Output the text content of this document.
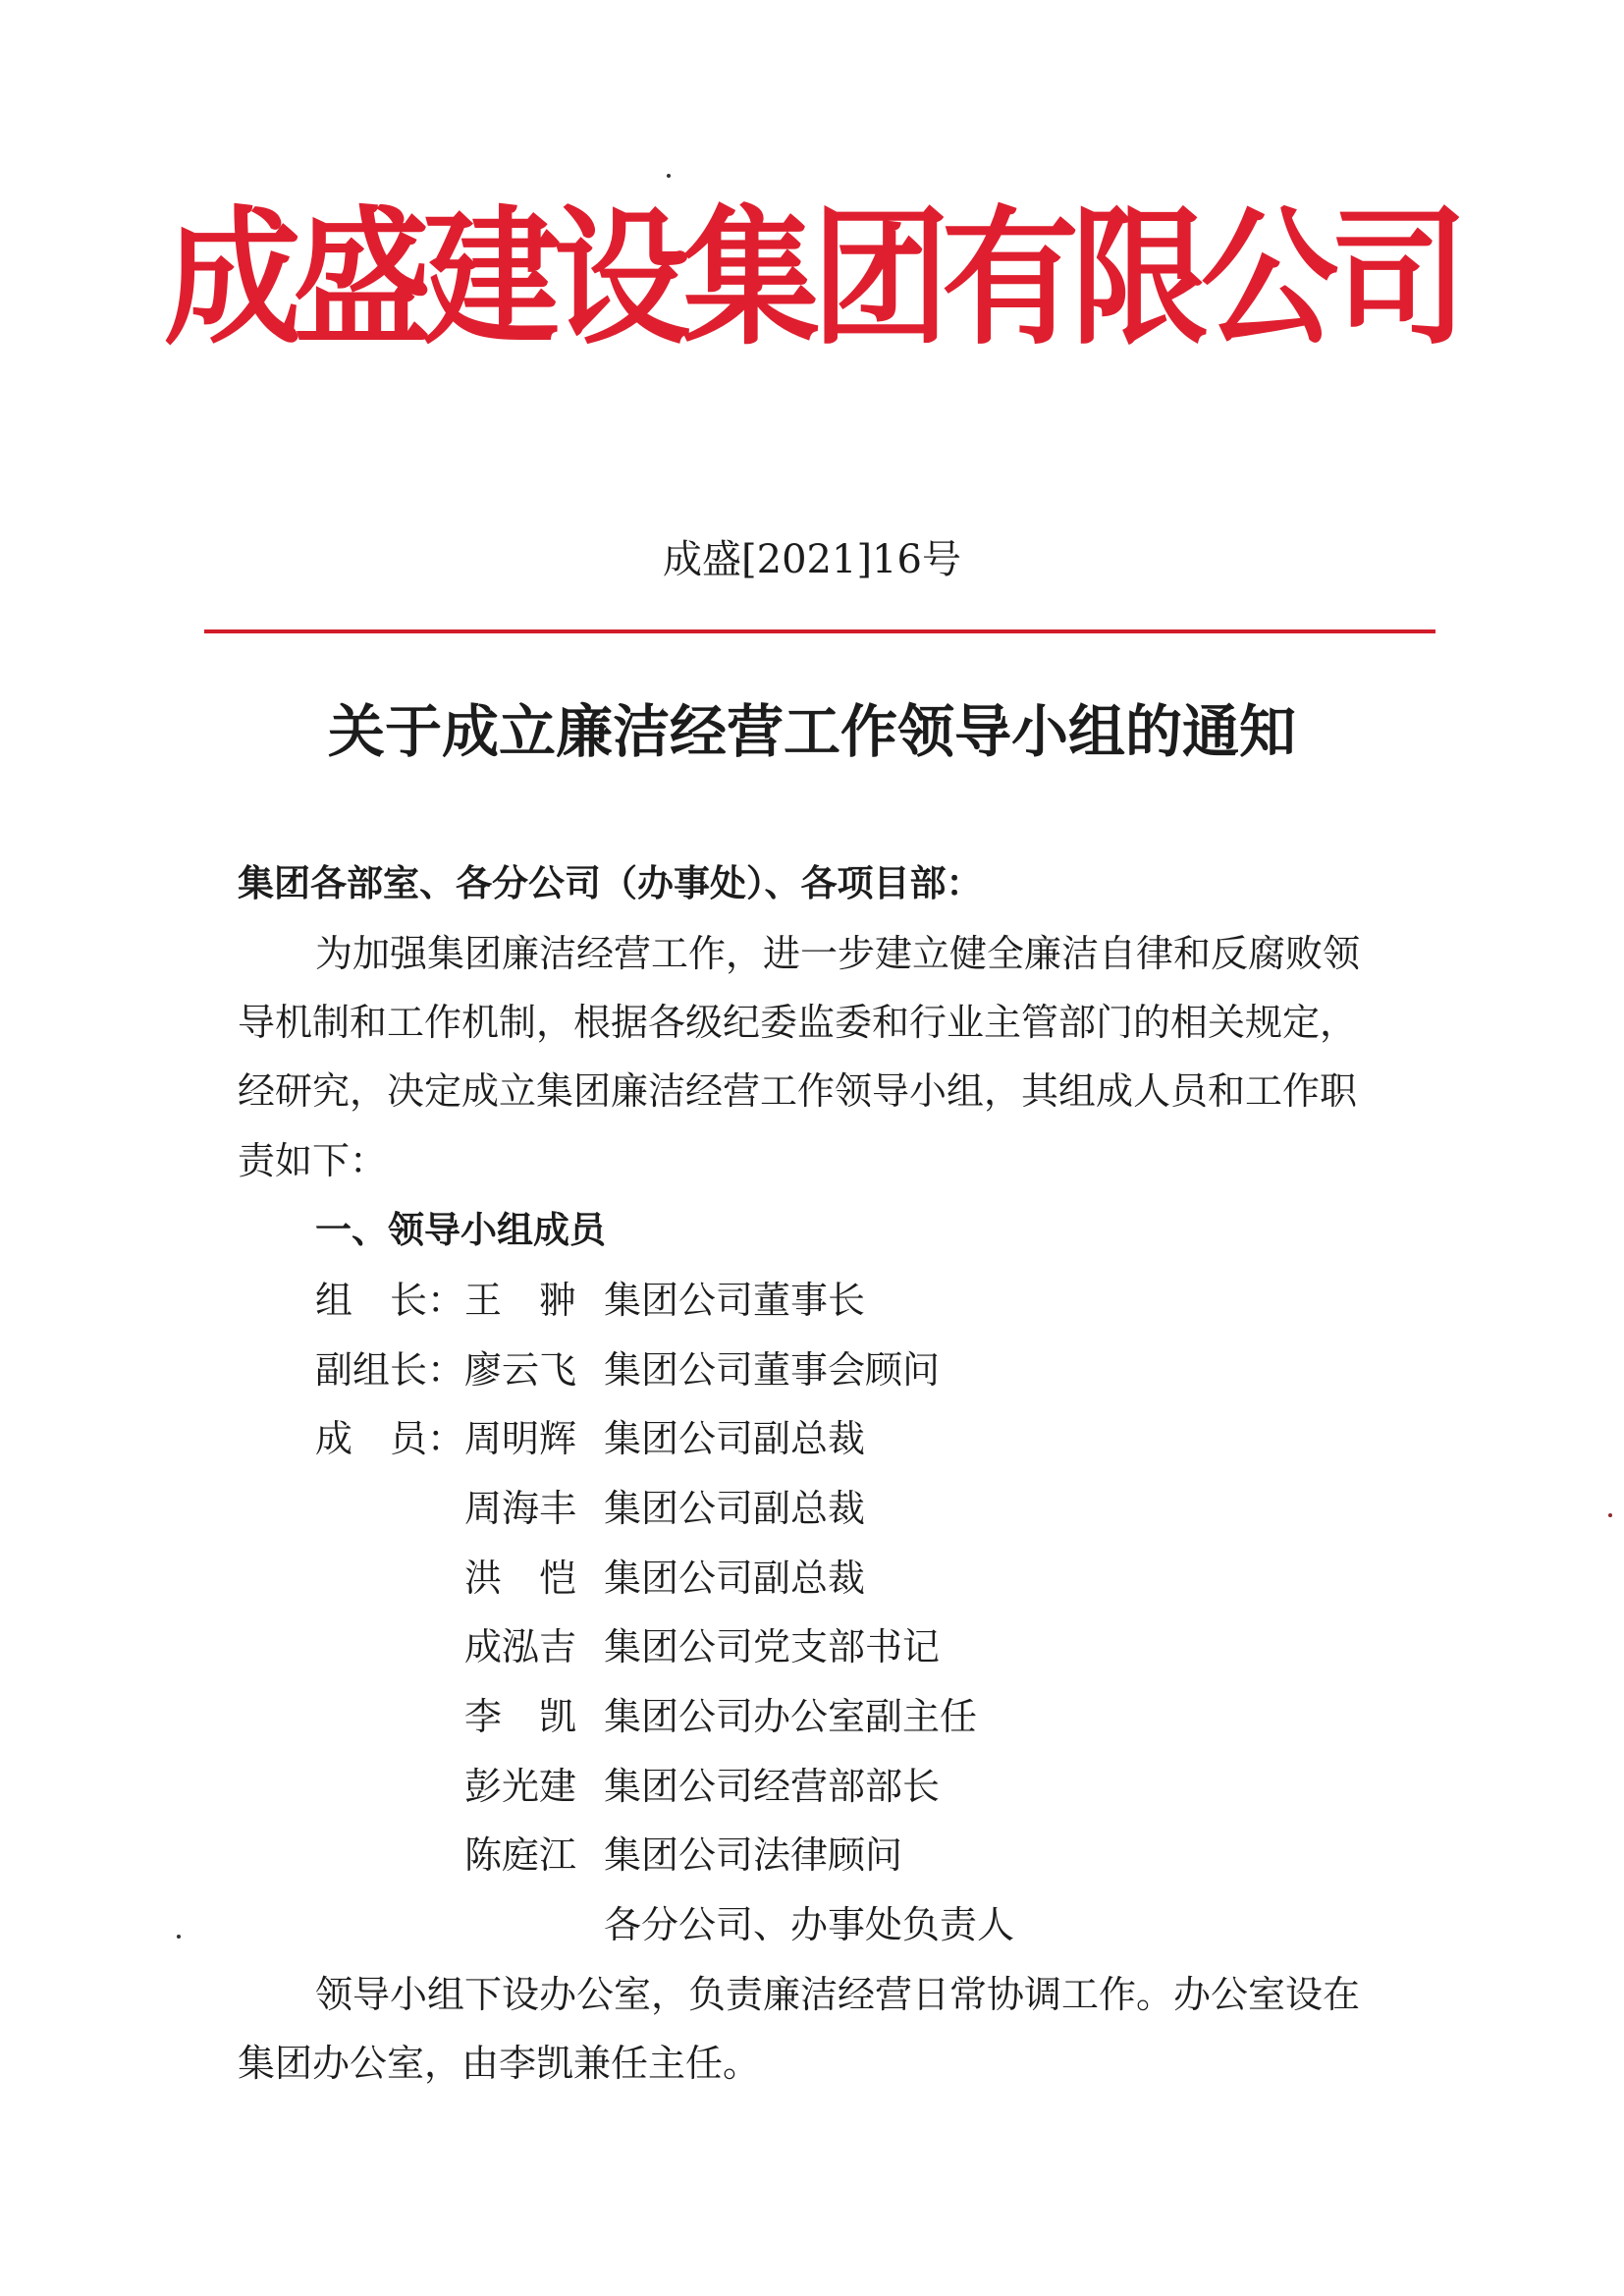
成盛建设集团有限公司
成盛[2021]16号
关于成立廉洁经营工作领导小组的通知
集团各部室、各分公司（办事处）、各项目部：
为加强集团廉洁经营工作，进一步建立健全廉洁自律和反腐败领
导机制和工作机制，根据各级纪委监委和行业主管部门的相关规定，
经研究，决定成立集团廉洁经营工作领导小组，其组成人员和工作职
责如下：
一、领导小组成员
组　长：王　翀 集团公司董事长
副组长：廖云飞 集团公司董事会顾问
成　员：周明辉 集团公司副总裁
周海丰 集团公司副总裁
洪　恺 集团公司副总裁
成泓吉 集团公司党支部书记
李　凯 集团公司办公室副主任
彭光建 集团公司经营部部长
陈庭江 集团公司法律顾问
各分公司、办事处负责人
领导小组下设办公室，负责廉洁经营日常协调工作。办公室设在
集团办公室，由李凯兼任主任。
